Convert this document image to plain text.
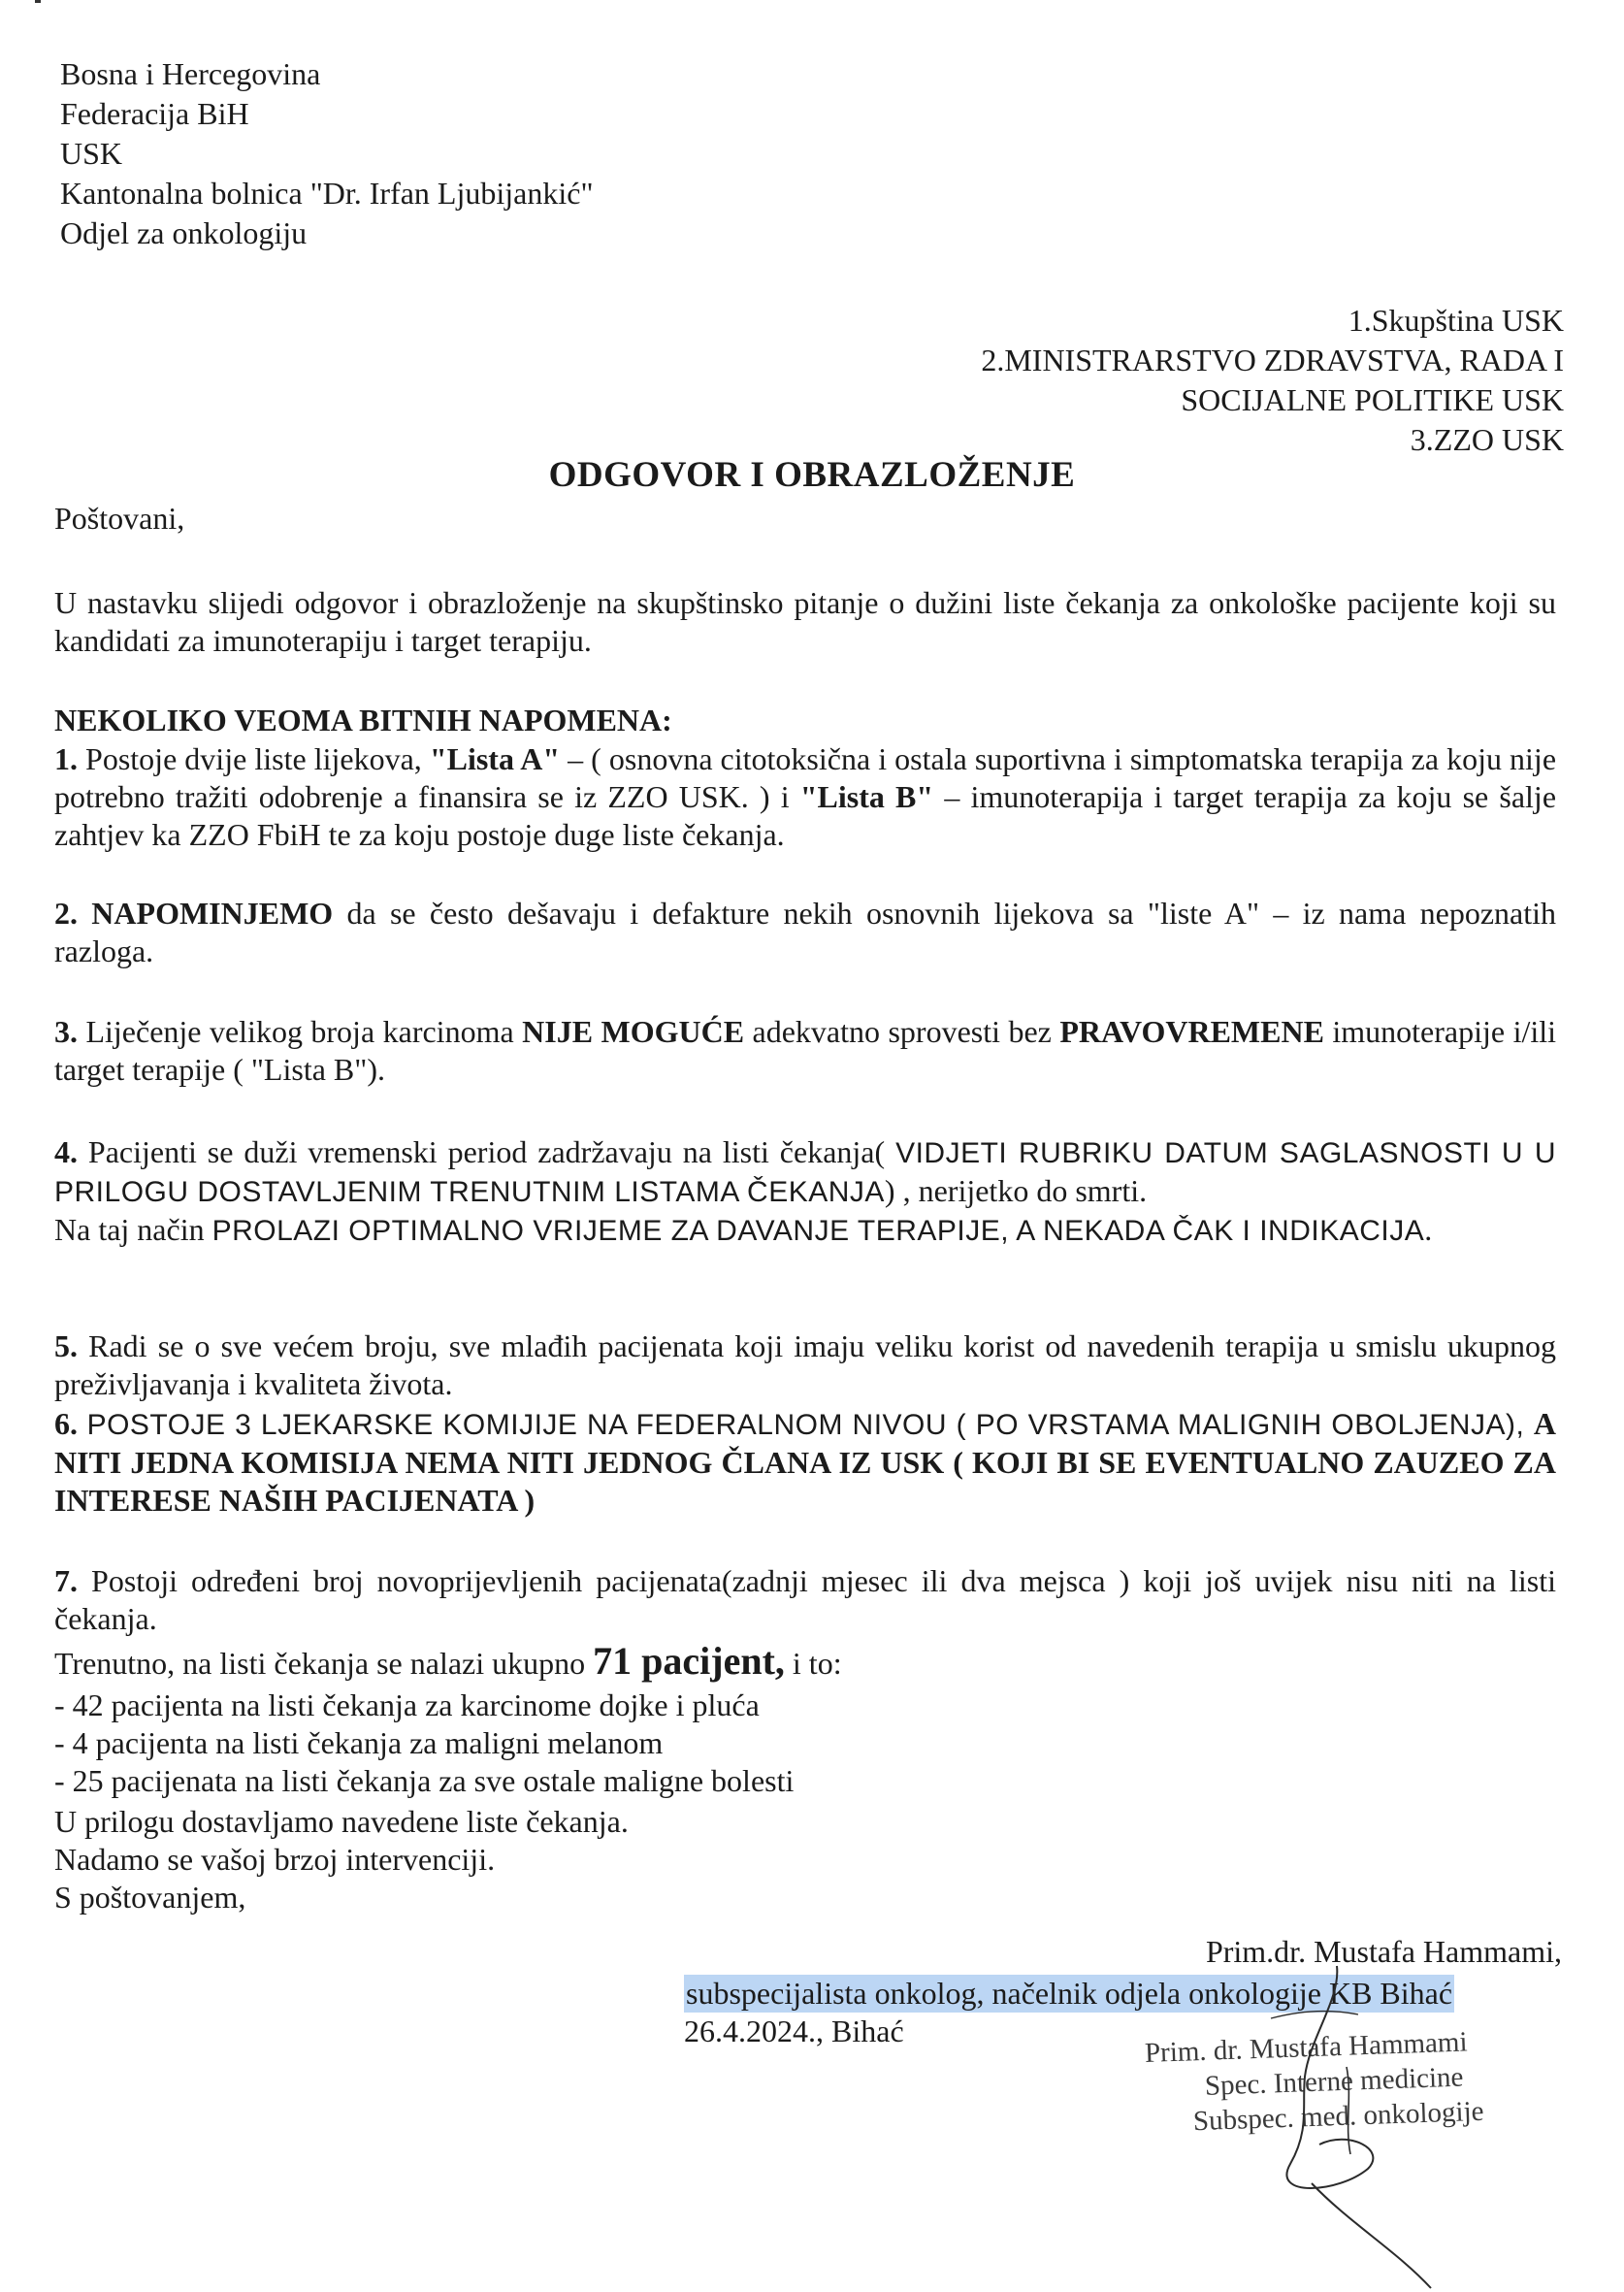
Bosna i Hercegovina
Federacija BiH
USK
Kantonalna bolnica "Dr. Irfan Ljubijankić"
Odjel za onkologiju
1.Skupština USK
2.MINISTRARSTVO ZDRAVSTVA, RADA I
SOCIJALNE POLITIKE USK
3.ZZO USK
ODGOVOR I OBRAZLOŽENJE
Poštovani,
U nastavku slijedi odgovor i obrazloženje na skupštinsko pitanje o dužini liste čekanja za onkološke pacijente koji su kandidati za imunoterapiju i target terapiju.
NEKOLIKO VEOMA BITNIH NAPOMENA:
1. Postoje dvije liste lijekova, "Lista A" – ( osnovna citotoksična i ostala suportivna i simptomatska terapija za koju nije potrebno tražiti odobrenje a finansira se iz ZZO USK. ) i "Lista B" – imunoterapija i target terapija za koju se šalje zahtjev ka ZZO FbiH te za koju postoje duge liste čekanja.
2. NAPOMINJEMO da se često dešavaju i defakture nekih osnovnih lijekova sa "liste A" – iz nama nepoznatih razloga.
3. Liječenje velikog broja karcinoma NIJE MOGUĆE adekvatno sprovesti bez PRAVOVREMENE imunoterapije i/ili target terapije ( "Lista B").
4. Pacijenti se duži vremenski period zadržavaju na listi čekanja( VIDJETI RUBRIKU DATUM SAGLASNOSTI U U PRILOGU DOSTAVLJENIM TRENUTNIM LISTAMA ČEKANJA) , nerijetko do smrti.
Na taj način PROLAZI OPTIMALNO VRIJEME ZA DAVANJE TERAPIJE, A NEKADA ČAK I INDIKACIJA.
5. Radi se o sve većem broju, sve mlađih pacijenata koji imaju veliku korist od navedenih terapija u smislu ukupnog preživljavanja i kvaliteta života.
6. POSTOJE 3 LJEKARSKE KOMIJIJE NA FEDERALNOM NIVOU ( PO VRSTAMA MALIGNIH OBOLJENJA), A NITI JEDNA KOMISIJA NEMA NITI JEDNOG ČLANA IZ USK ( KOJI BI SE EVENTUALNO ZAUZEO ZA INTERESE NAŠIH PACIJENATA )
7. Postoji određeni broj novoprijevljenih pacijenata(zadnji mjesec ili dva mejsca ) koji još uvijek nisu niti na listi čekanja.
Trenutno, na listi čekanja se nalazi ukupno 71 pacijent, i to:
- 42 pacijenta na listi čekanja za karcinome dojke i pluća
- 4 pacijenta na listi čekanja za maligni melanom
- 25 pacijenata na listi čekanja za sve ostale maligne bolesti
U prilogu dostavljamo navedene liste čekanja.
Nadamo se vašoj brzoj intervenciji.
S poštovanjem,
Prim.dr. Mustafa Hammami,
subspecijalista onkolog, načelnik odjela onkologije KB Bihać
26.4.2024., Bihać	Prim. dr. Mustafa Hammami
Spec. Interne medicine
Subspec. med. onkologije
